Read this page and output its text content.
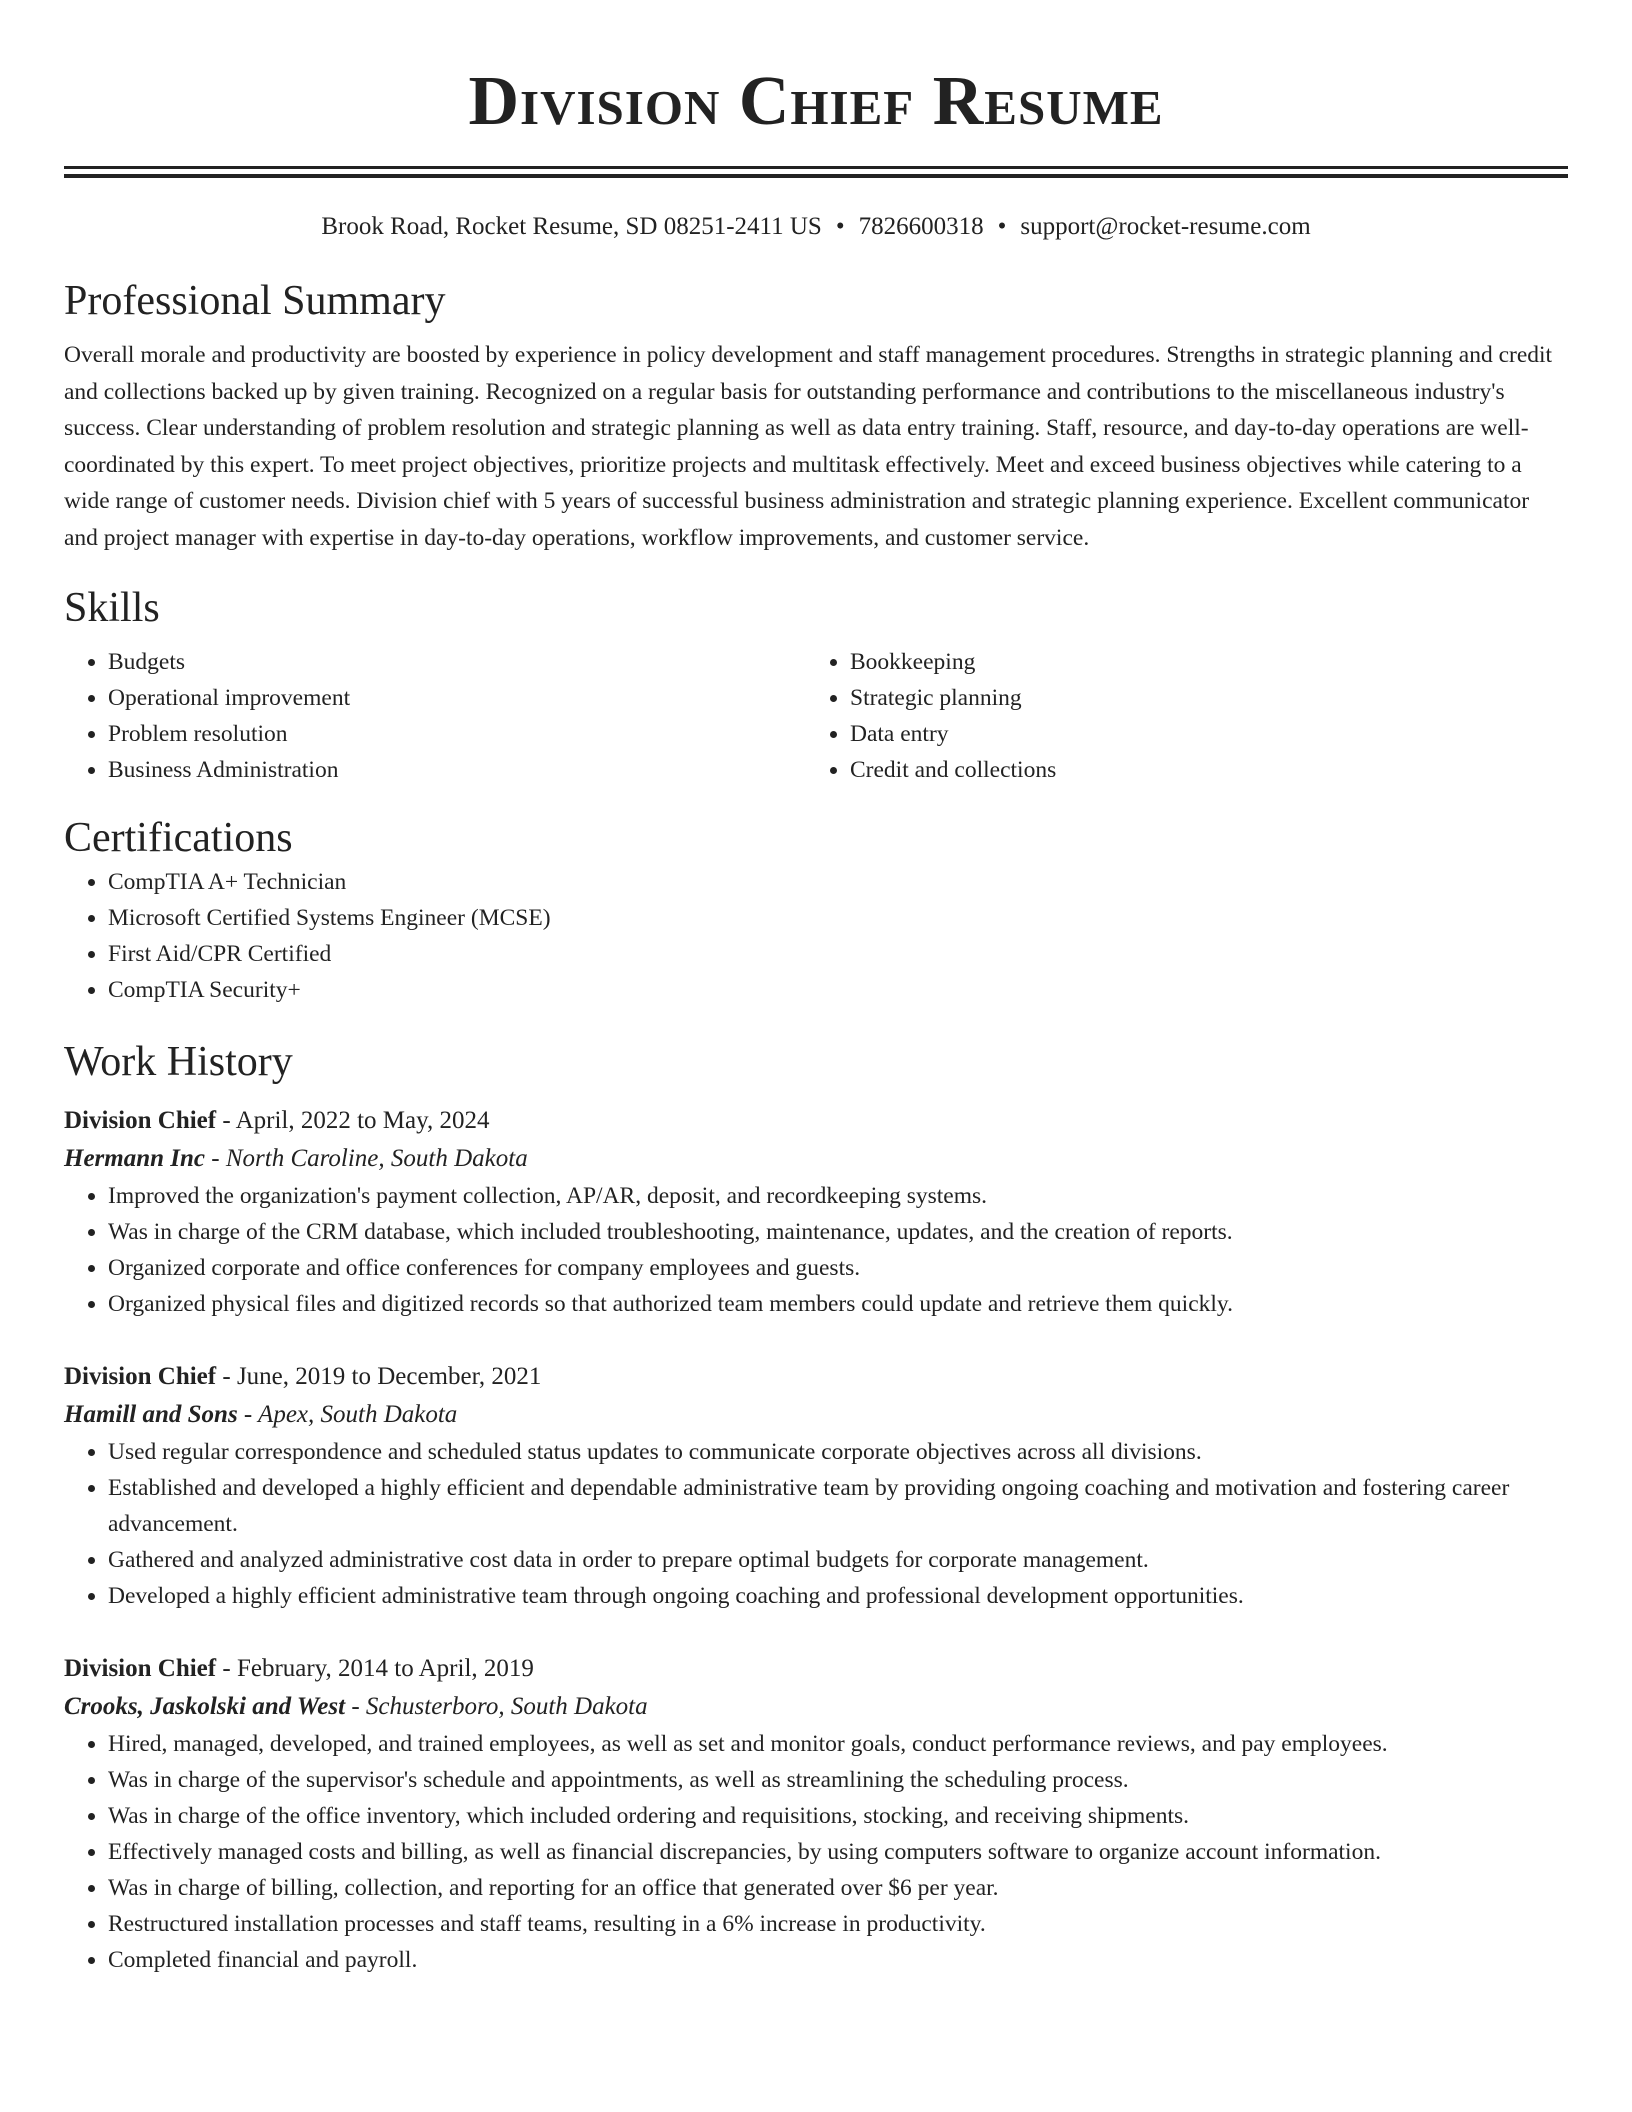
Division Chief Resume
Brook Road, Rocket Resume, SD 08251-2411 US • 7826600318 • support@rocket-resume.com
Professional Summary

Overall morale and productivity are boosted by experience in policy development and staff management procedures. Strengths in strategic planning and credit and collections backed up by given training. Recognized on a regular basis for outstanding performance and contributions to the miscellaneous industry's success. Clear understanding of problem resolution and strategic planning as well as data entry training. Staff, resource, and day-to-day operations are well-coordinated by this expert. To meet project objectives, prioritize projects and multitask effectively. Meet and exceed business objectives while catering to a wide range of customer needs. Division chief with 5 years of successful business administration and strategic planning experience. Excellent communicator and project manager with expertise in day-to-day operations, workflow improvements, and customer service.

Skills
• Budgets
• Operational improvement
• Problem resolution
• Business Administration
• Bookkeeping
• Strategic planning
• Data entry
• Credit and collections
Certifications
• CompTIA A+ Technician
• Microsoft Certified Systems Engineer (MCSE)
• First Aid/CPR Certified
• CompTIA Security+
Work History
Division Chief - April, 2022 to May, 2024
Hermann Inc - North Caroline, South Dakota
• Improved the organization's payment collection, AP/AR, deposit, and recordkeeping systems.
• Was in charge of the CRM database, which included troubleshooting, maintenance, updates, and the creation of reports.
• Organized corporate and office conferences for company employees and guests.
• Organized physical files and digitized records so that authorized team members could update and retrieve them quickly.
Division Chief - June, 2019 to December, 2021
Hamill and Sons - Apex, South Dakota
• Used regular correspondence and scheduled status updates to communicate corporate objectives across all divisions.
• Established and developed a highly efficient and dependable administrative team by providing ongoing coaching and motivation and fostering career advancement.
• Gathered and analyzed administrative cost data in order to prepare optimal budgets for corporate management.
• Developed a highly efficient administrative team through ongoing coaching and professional development opportunities.
Division Chief - February, 2014 to April, 2019
Crooks, Jaskolski and West - Schusterboro, South Dakota
• Hired, managed, developed, and trained employees, as well as set and monitor goals, conduct performance reviews, and pay employees.
• Was in charge of the supervisor's schedule and appointments, as well as streamlining the scheduling process.
• Was in charge of the office inventory, which included ordering and requisitions, stocking, and receiving shipments.
• Effectively managed costs and billing, as well as financial discrepancies, by using computers software to organize account information.
• Was in charge of billing, collection, and reporting for an office that generated over $6 per year.
• Restructured installation processes and staff teams, resulting in a 6% increase in productivity.
• Completed financial and payroll.
